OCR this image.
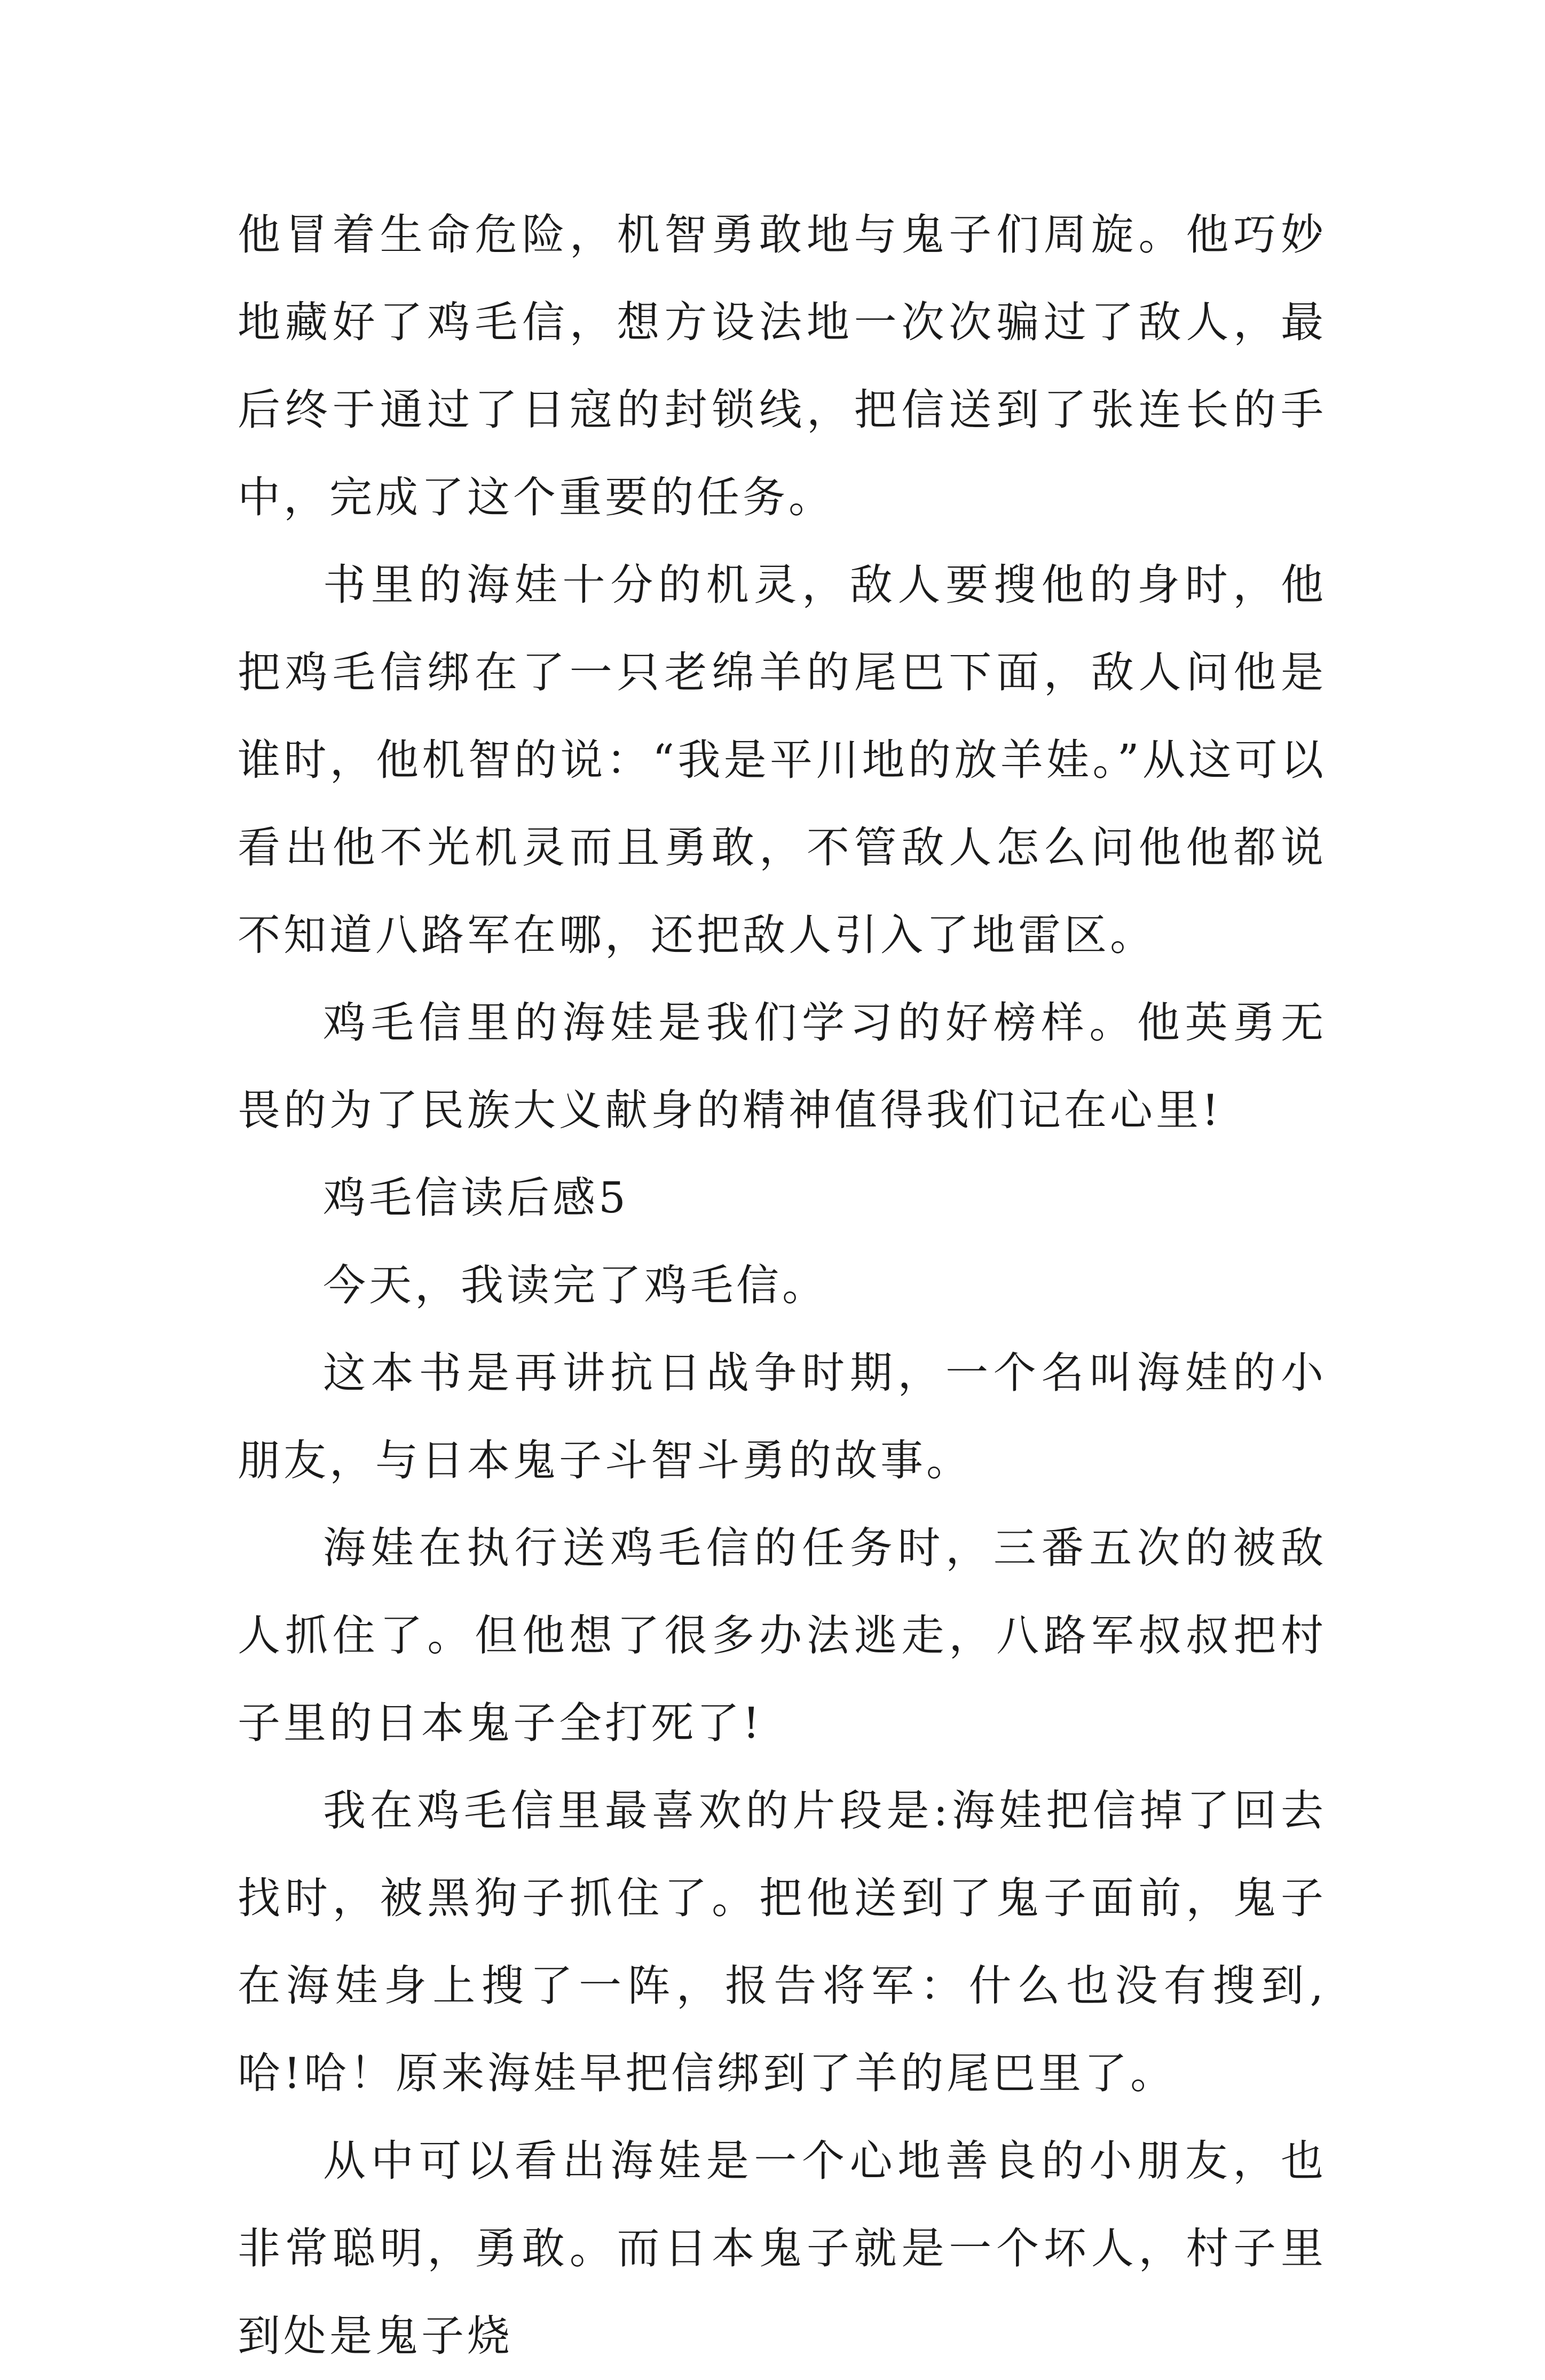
他冒着生命危险，机智勇敢地与鬼子们周旋。他巧妙地藏好了鸡毛信，想方设法地一次次骗过了敌人，最后终于通过了日寇的封锁线，把信送到了张连长的手中，完成了这个重要的任务。

书里的海娃十分的机灵，敌人要搜他的身时，他把鸡毛信绑在了一只老绵羊的尾巴下面，敌人问他是谁时，他机智的说：“我是平川地的放羊娃。”从这可以看出他不光机灵而且勇敢，不管敌人怎么问他他都说不知道八路军在哪，还把敌人引入了地雷区。

鸡毛信里的海娃是我们学习的好榜样。他英勇无畏的为了民族大义献身的精神值得我们记在心里!

鸡毛信读后感5

今天，我读完了鸡毛信。

这本书是再讲抗日战争时期，一个名叫海娃的小朋友，与日本鬼子斗智斗勇的故事。

海娃在执行送鸡毛信的任务时，三番五次的被敌人抓住了。但他想了很多办法逃走，八路军叔叔把村子里的日本鬼子全打死了!

我在鸡毛信里最喜欢的片段是:海娃把信掉了回去找时，被黑狗子抓住了。把他送到了鬼子面前，鬼子在海娃身上搜了一阵，报告将军：什么也没有搜到,哈!哈！原来海娃早把信绑到了羊的尾巴里了。

从中可以看出海娃是一个心地善良的小朋友，也非常聪明，勇敢。而日本鬼子就是一个坏人，村子里到处是鬼子烧
